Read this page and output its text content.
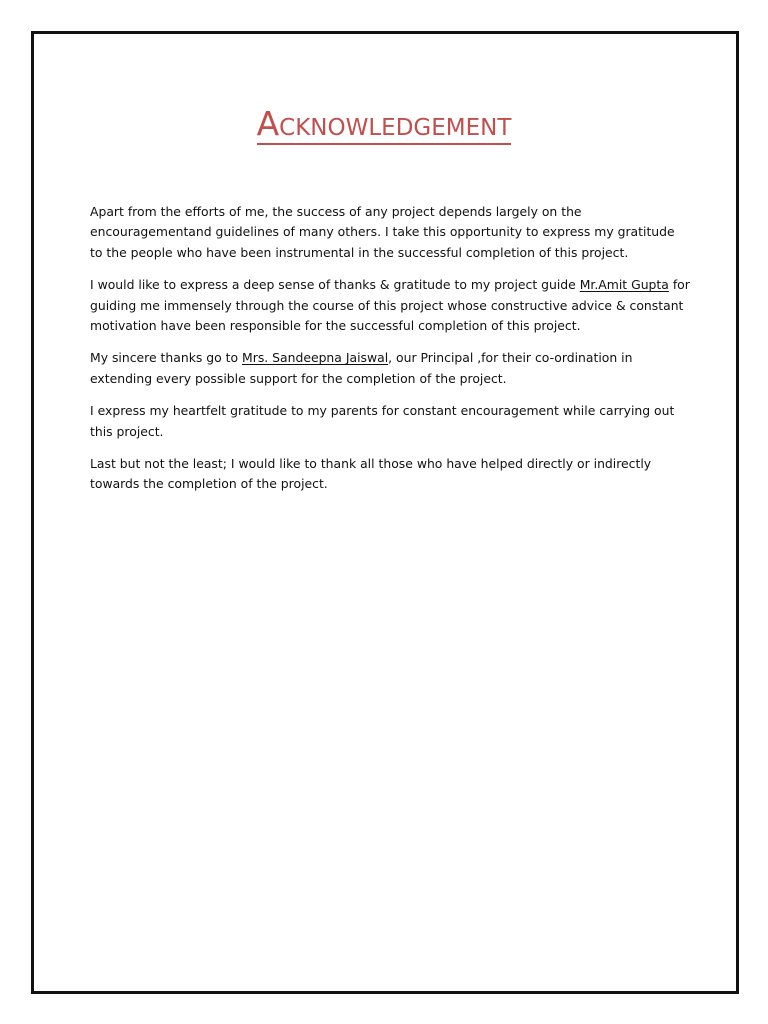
Acknowledgement

Apart from the efforts of me, the success of any project depends largely on the encouragementand guidelines of many others. I take this opportunity to express my gratitude to the people who have been instrumental in the successful completion of this project.

I would like to express a deep sense of thanks & gratitude to my project guide Mr.Amit Gupta for guiding me immensely through the course of this project whose constructive advice & constant motivation have been responsible for the successful completion of this project.

My sincere thanks go to Mrs. Sandeepna Jaiswal, our Principal ,for their co-ordination in extending every possible support for the completion of the project.

I express my heartfelt gratitude to my parents for constant encouragement while carrying out this project.

Last but not the least; I would like to thank all those who have helped directly or indirectly towards the completion of the project.
